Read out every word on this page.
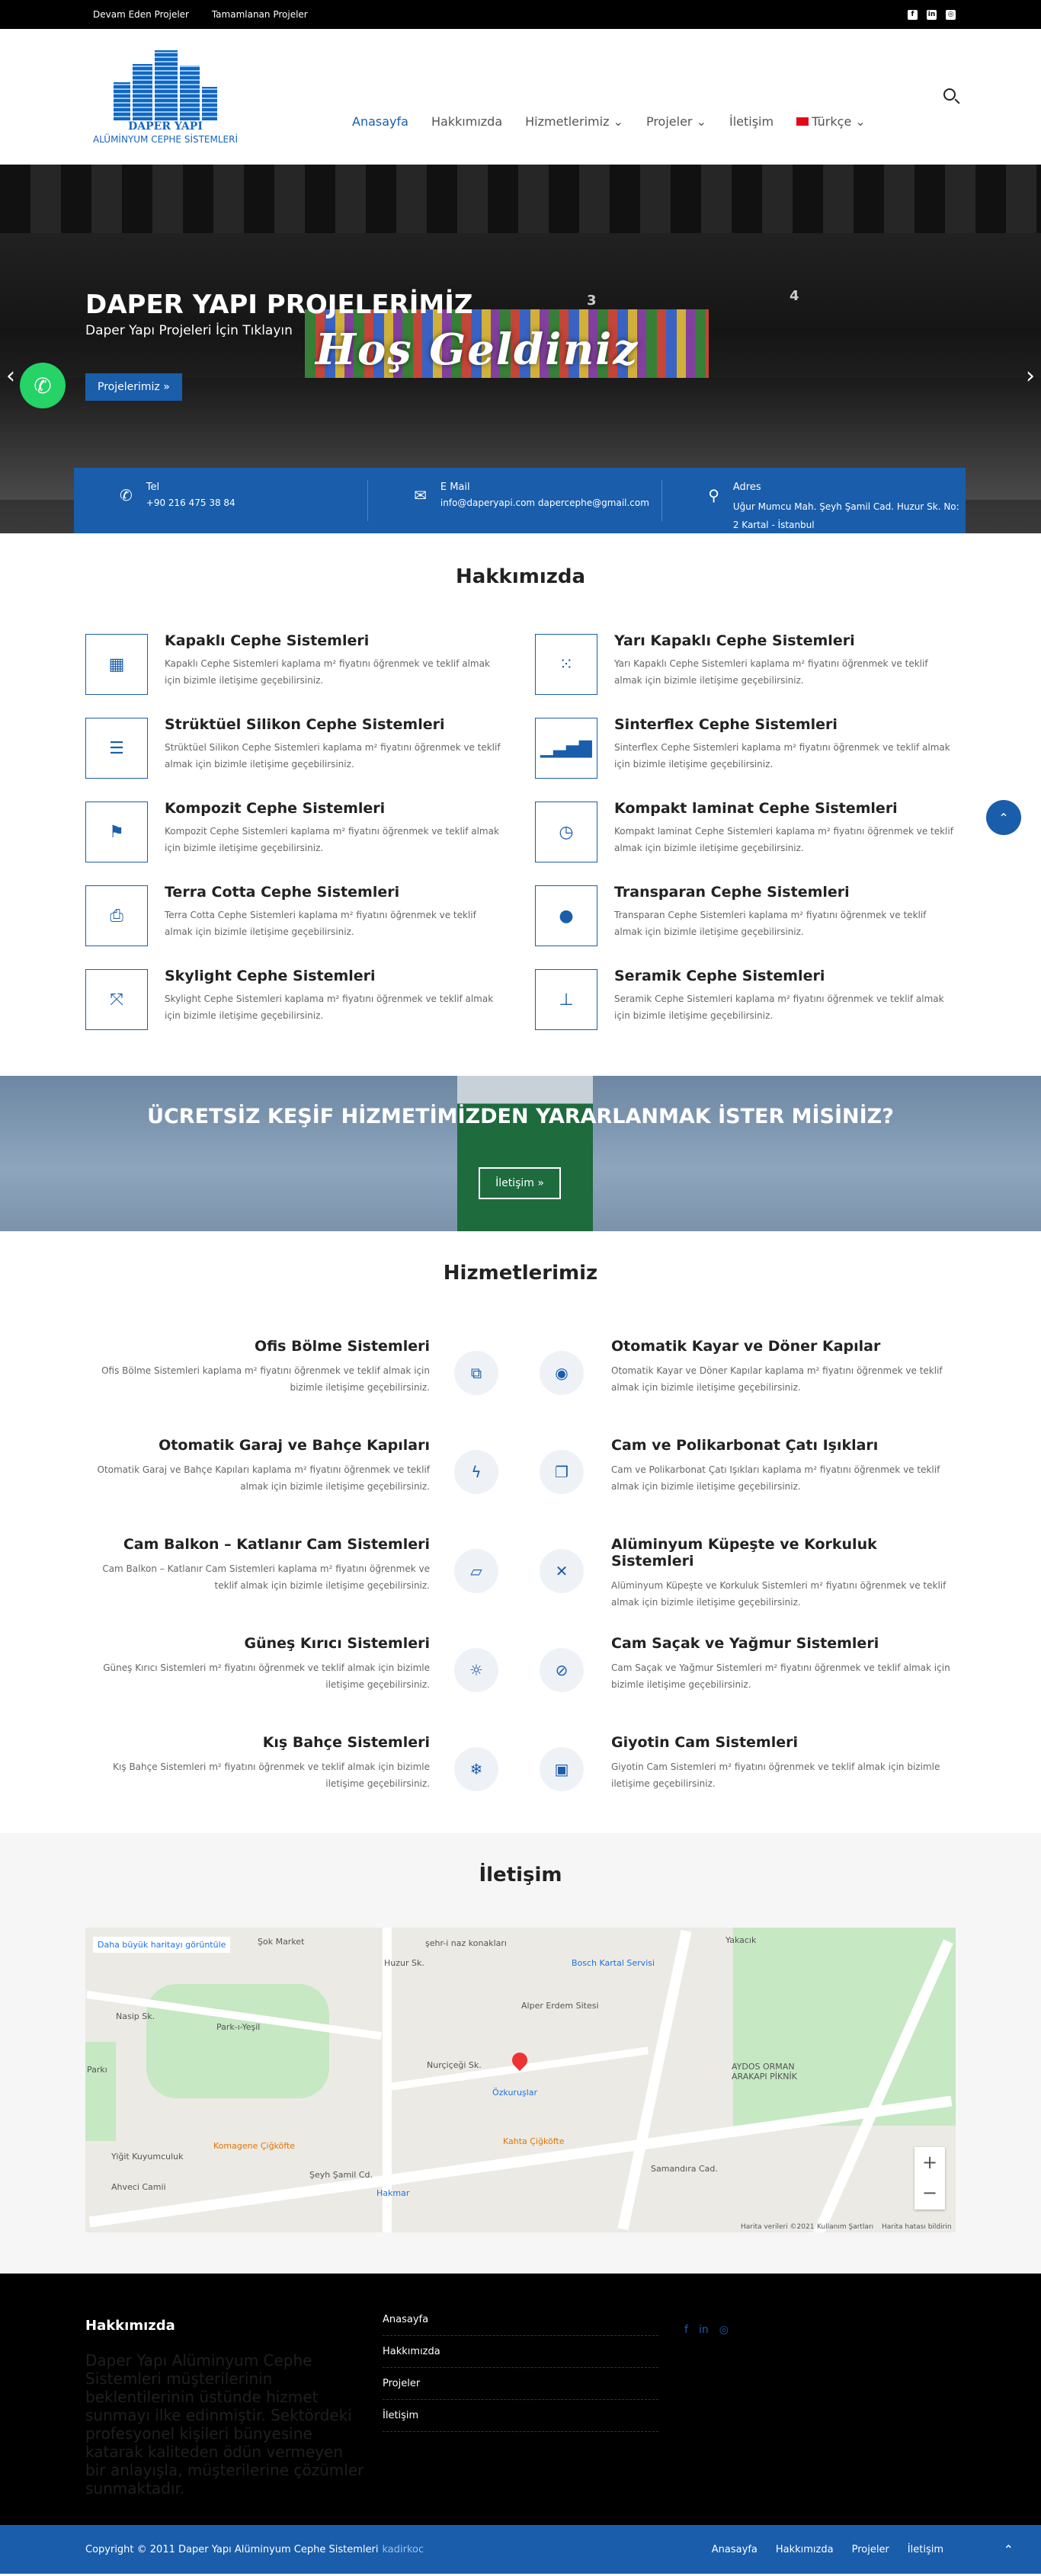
Devam Eden Projeler Tamamlanan Projeler	f	in ◎
DAPER YAPI
ALÜMİNYUM CEPHE SİSTEMLERİ
Anasayfa Hakkımızda Hizmetlerimiz ⌄ Projeler ⌄ İletişim	Türkçe ⌄
3	4
Hoş Geldiniz
DAPER YAPI PROJELERİMİZ
Daper Yapı Projeleri İçin Tıklayın
Projelerimiz »
‹	›
✆ Tel
+90 216 475 38 84	✉ E Mail
info@daperyapi.com dapercephe@gmail.com	⚲ Adres
Uğur Mumcu Mah. Şeyh Şamil Cad. Huzur Sk. No: 2 Kartal - İstanbul
✆
Hakkımızda
▦
Kapaklı Cephe Sistemleri

Kapaklı Cephe Sistemleri kaplama m² fiyatını öğrenmek ve teklif almak için bizimle iletişime geçebilirsiniz.

⁙
Yarı Kapaklı Cephe Sistemleri

Yarı Kapaklı Cephe Sistemleri kaplama m² fiyatını öğrenmek ve teklif almak için bizimle iletişime geçebilirsiniz.

☰
Strüktüel Silikon Cephe Sistemleri

Strüktüel Silikon Cephe Sistemleri kaplama m² fiyatını öğrenmek ve teklif almak için bizimle iletişime geçebilirsiniz.

▁▃▅▇
Sinterflex Cephe Sistemleri

Sinterflex Cephe Sistemleri kaplama m² fiyatını öğrenmek ve teklif almak için bizimle iletişime geçebilirsiniz.

⚑
Kompozit Cephe Sistemleri

Kompozit Cephe Sistemleri kaplama m² fiyatını öğrenmek ve teklif almak için bizimle iletişime geçebilirsiniz.

◷
Kompakt laminat Cephe Sistemleri

Kompakt laminat Cephe Sistemleri kaplama m² fiyatını öğrenmek ve teklif almak için bizimle iletişime geçebilirsiniz.

⎙
Terra Cotta Cephe Sistemleri

Terra Cotta Cephe Sistemleri kaplama m² fiyatını öğrenmek ve teklif almak için bizimle iletişime geçebilirsiniz.

●
Transparan Cephe Sistemleri

Transparan Cephe Sistemleri kaplama m² fiyatını öğrenmek ve teklif almak için bizimle iletişime geçebilirsiniz.

⤧
Skylight Cephe Sistemleri

Skylight Cephe Sistemleri kaplama m² fiyatını öğrenmek ve teklif almak için bizimle iletişime geçebilirsiniz.

⊥
Seramik Cephe Sistemleri

Seramik Cephe Sistemleri kaplama m² fiyatını öğrenmek ve teklif almak için bizimle iletişime geçebilirsiniz.

⌃
ÜCRETSİZ KEŞİF HİZMETİMİZDEN YARARLANMAK İSTER MİSİNİZ?
İletişim »
Hizmetlerimiz
Ofis Bölme Sistemleri

Ofis Bölme Sistemleri kaplama m² fiyatını öğrenmek ve teklif almak için bizimle iletişime geçebilirsiniz.

Otomatik Garaj ve Bahçe Kapıları

Otomatik Garaj ve Bahçe Kapıları kaplama m² fiyatını öğrenmek ve teklif almak için bizimle iletişime geçebilirsiniz.

Cam Balkon – Katlanır Cam Sistemleri

Cam Balkon – Katlanır Cam Sistemleri kaplama m² fiyatını öğrenmek ve teklif almak için bizimle iletişime geçebilirsiniz.

Güneş Kırıcı Sistemleri

Güneş Kırıcı Sistemleri m² fiyatını öğrenmek ve teklif almak için bizimle iletişime geçebilirsiniz.

Kış Bahçe Sistemleri

Kış Bahçe Sistemleri m² fiyatını öğrenmek ve teklif almak için bizimle iletişime geçebilirsiniz.

Otomatik Kayar ve Döner Kapılar

Otomatik Kayar ve Döner Kapılar kaplama m² fiyatını öğrenmek ve teklif almak için bizimle iletişime geçebilirsiniz.

Cam ve Polikarbonat Çatı Işıkları

Cam ve Polikarbonat Çatı Işıkları kaplama m² fiyatını öğrenmek ve teklif almak için bizimle iletişime geçebilirsiniz.

Alüminyum Küpeşte ve Korkuluk Sistemleri

Alüminyum Küpeşte ve Korkuluk Sistemleri m² fiyatını öğrenmek ve teklif almak için bizimle iletişime geçebilirsiniz.

Cam Saçak ve Yağmur Sistemleri

Cam Saçak ve Yağmur Sistemleri m² fiyatını öğrenmek ve teklif almak için bizimle iletişime geçebilirsiniz.

Giyotin Cam Sistemleri

Giyotin Cam Sistemleri m² fiyatını öğrenmek ve teklif almak için bizimle iletişime geçebilirsiniz.

⧉
ϟ
▱
☼
❄
◉
❐
✕
⊘
▣
İletişim
Daha büyük haritayı görüntüle	Şok Market	şehr-i naz konakları
Bosch Kartal Servisi
Alper Erdem Sitesi
Nasip Sk.
Park-ı-Yeşil
Nurçiçeği Sk.
Özkuruşlar
AYDOS ORMAN ARAKAPI PİKNİK
Yiğit Kuyumculuk
Komagene Çiğköfte	Kahta Çiğköfte
Hakmar
Şeyh Şamil Cd.
Samandıra Cad.
Huzur Sk.
Parkı
Yakacık
Ahveci Camii
Harita verileri ©2021 Kullanım Şartları Harita hatası bildirin
+
−
Hakkımızda

Daper Yapı Alüminyum Cephe Sistemleri müşterilerinin beklentilerinin üstünde hizmet sunmayı ilke edinmiştir. Sektördeki profesyonel kişileri bünyesine katarak kaliteden ödün vermeyen bir anlayışla, müşterilerine çözümler sunmaktadır.

Anasayfa
Hakkımızda
Projeler
İletişim
f in ◎
Copyright © 2011 Daper Yapı Alüminyum Cephe Sistemleri kadirkoc	Anasayfa Hakkımızda Projeler İletişim	⌃
